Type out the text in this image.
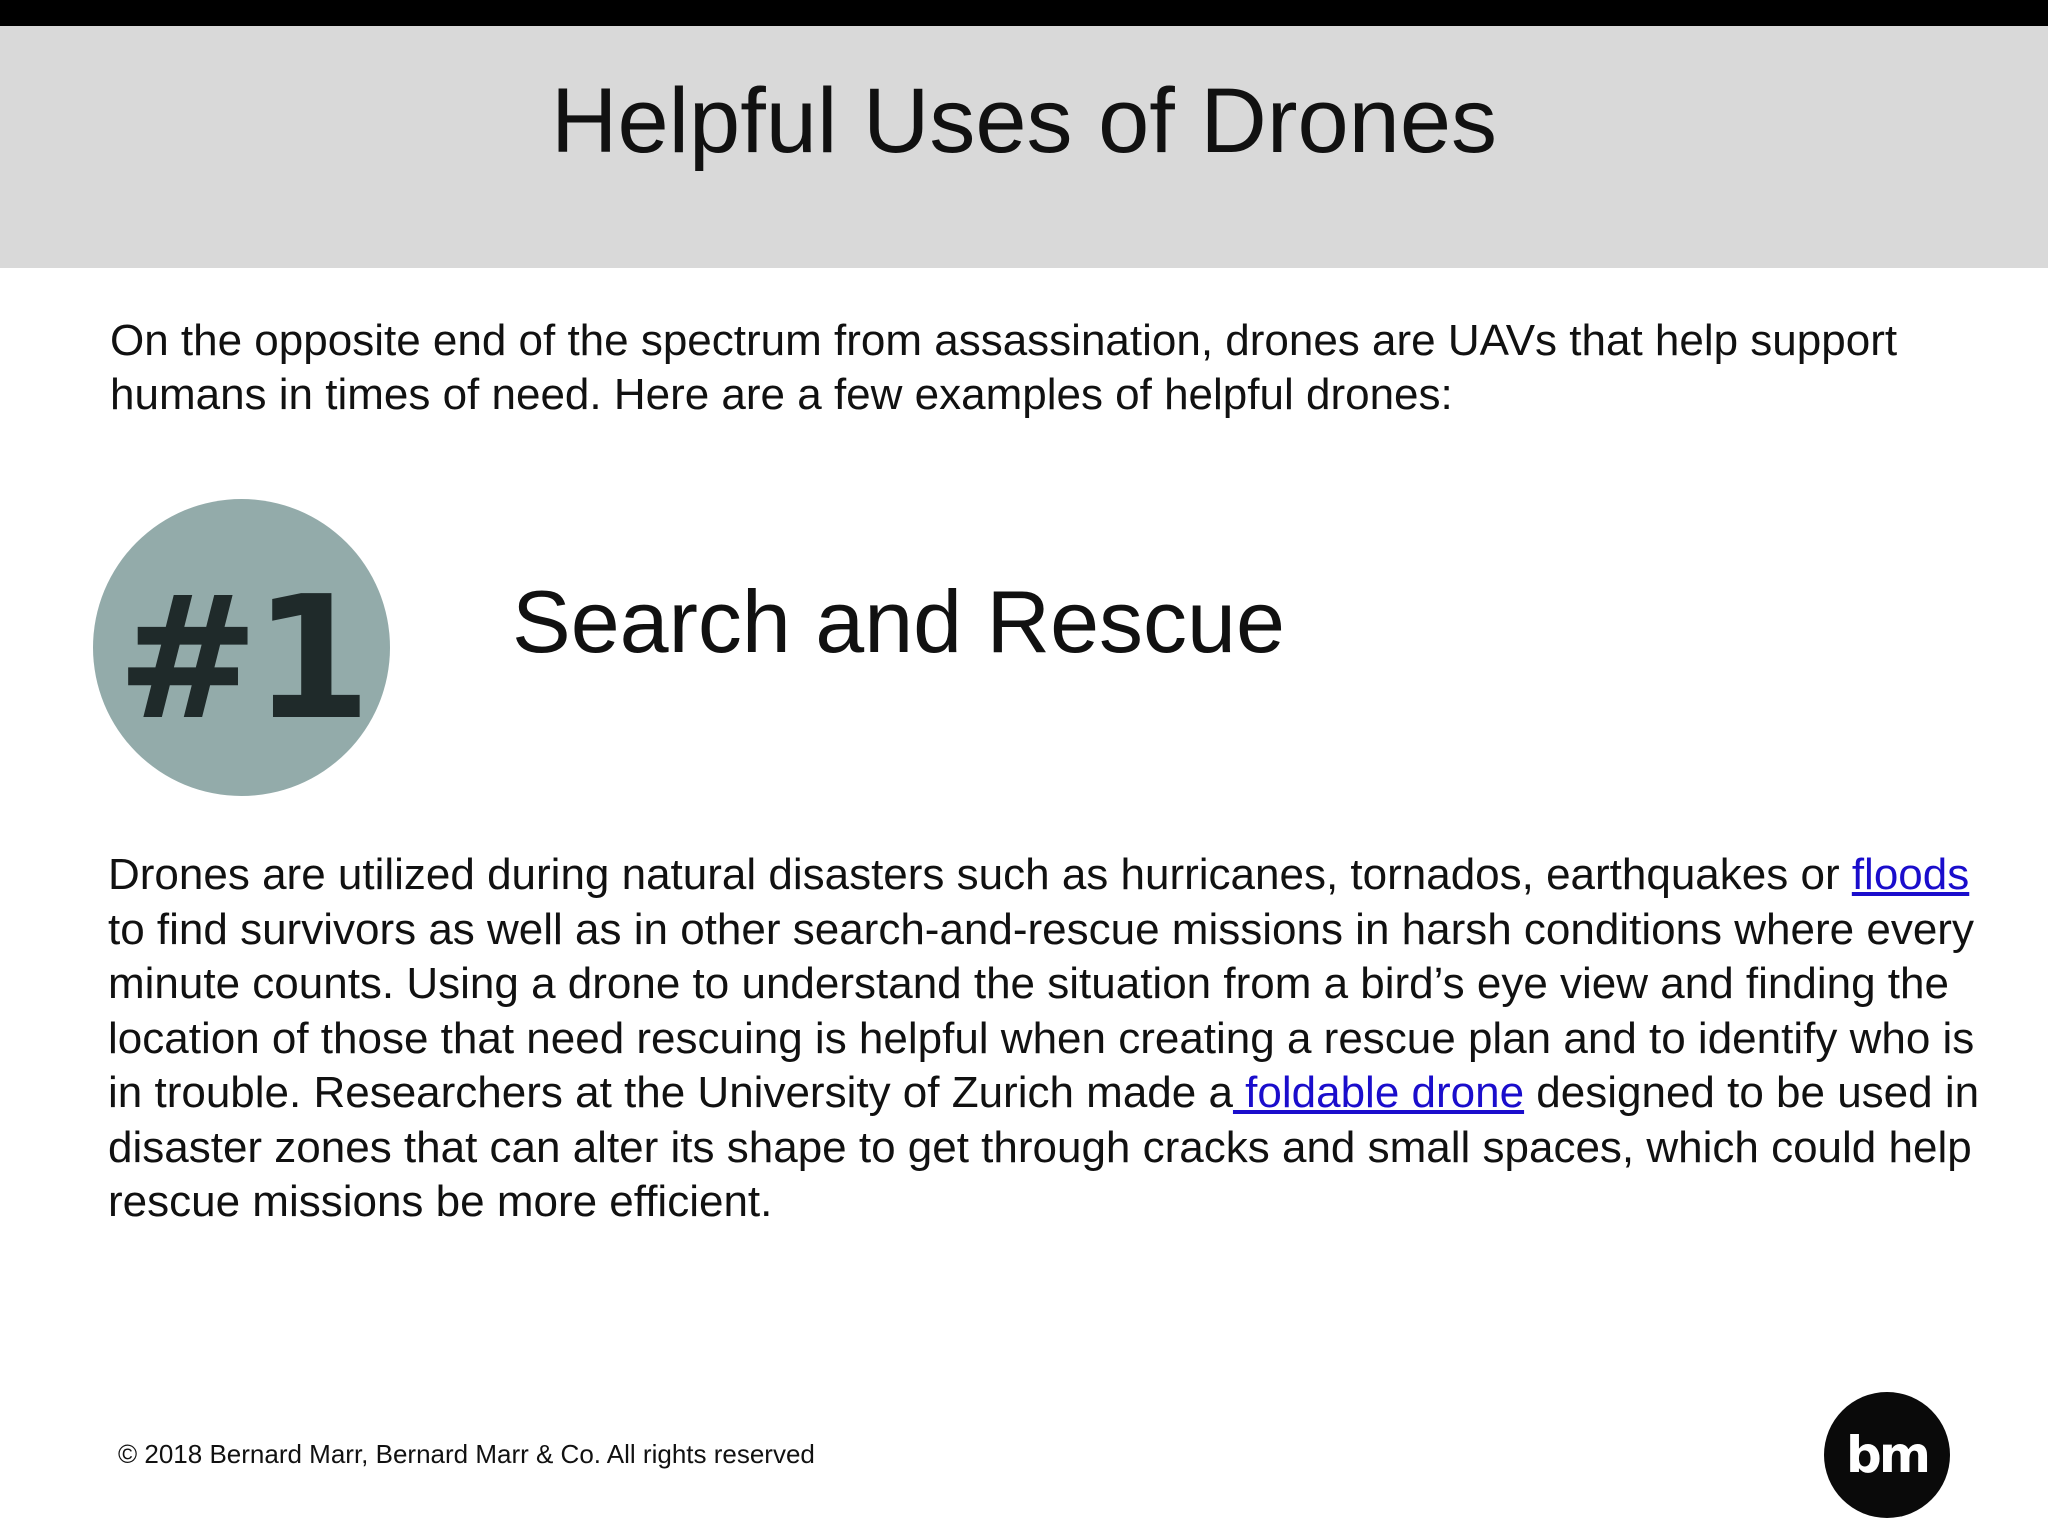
Helpful Uses of Drones

On the opposite end of the spectrum from assassination, drones are UAVs that help support humans in times of need. Here are a few examples of helpful drones:

#1 Search and Rescue

Drones are utilized during natural disasters such as hurricanes, tornados, earthquakes or floods to find survivors as well as in other search-and-rescue missions in harsh conditions where every minute counts. Using a drone to understand the situation from a bird’s eye view and finding the location of those that need rescuing is helpful when creating a rescue plan and to identify who is in trouble. Researchers at the University of Zurich made a foldable drone designed to be used in disaster zones that can alter its shape to get through cracks and small spaces, which could help rescue missions be more efficient.

© 2018 Bernard Marr, Bernard Marr & Co. All rights reserved	bm
